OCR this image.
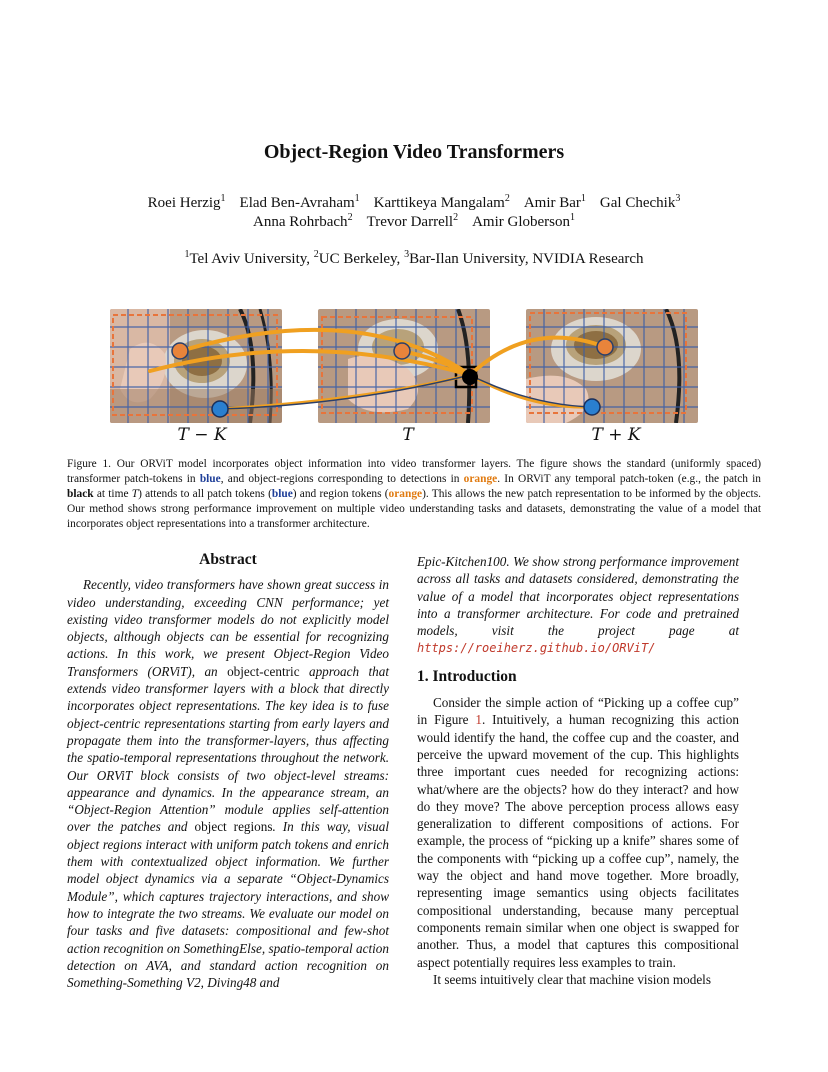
Object-Region Video Transformers
Roei Herzig$^1$ Elad Ben-Avraham$^1$ Karttikeya Mangalam$^2$ Amir Bar$^1$ Gal Chechik$^3$
Anna Rohrbach$^2$ Trevor Darrell$^2$ Amir Globerson$^1$
$^1$Tel Aviv University, $^2$UC Berkeley, $^3$Bar-Ilan University, NVIDIA Research
T − K	T	T + K
Figure 1. Our ORViT model incorporates object information into video transformer layers. The figure shows the standard (uniformly spaced) transformer patch-tokens in blue, and object-regions corresponding to detections in orange. In ORViT any temporal patch-token (e.g., the patch in black at time T) attends to all patch tokens (blue) and region tokens (orange). This allows the new patch representation to be informed by the objects. Our method shows strong performance improvement on multiple video understanding tasks and datasets, demonstrating the value of a model that incorporates object representations into a transformer architecture.
Abstract

Recently, video transformers have shown great success in video understanding, exceeding CNN performance; yet existing video transformer models do not explicitly model objects, although objects can be essential for recognizing actions. In this work, we present Object-Region Video Transformers (ORViT), an object-centric approach that extends video transformer layers with a block that directly incorporates object representations. The key idea is to fuse object-centric representations starting from early layers and propagate them into the transformer-layers, thus affecting the spatio-temporal representations throughout the network. Our ORViT block consists of two object-level streams: appearance and dynamics. In the appearance stream, an “Object-Region Attention” module applies self-attention over the patches and object regions. In this way, visual object regions interact with uniform patch tokens and enrich them with contextualized object information. We further model object dynamics via a separate “Object-Dynamics Module”, which captures trajectory interactions, and show how to integrate the two streams. We evaluate our model on four tasks and five datasets: compositional and few-shot action recognition on SomethingElse, spatio-temporal action detection on AVA, and standard action recognition on Something-Something V2, Diving48 and

Epic-Kitchen100. We show strong performance improvement across all tasks and datasets considered, demonstrating the value of a model that incorporates object representations into a transformer architecture. For code and pretrained models, visit the project page at https://roeiherz.github.io/ORViT/

1. Introduction

Consider the simple action of “Picking up a coffee cup” in Figure 1. Intuitively, a human recognizing this action would identify the hand, the coffee cup and the coaster, and perceive the upward movement of the cup. This highlights three important cues needed for recognizing actions: what/where are the objects? how do they interact? and how do they move? The above perception process allows easy generalization to different compositions of actions. For example, the process of “picking up a knife” shares some of the components with “picking up a coffee cup”, namely, the way the object and hand move together. More broadly, representing image semantics using objects facilitates compositional understanding, because many perceptual components remain similar when one object is swapped for another. Thus, a model that captures this compositional aspect potentially requires less examples to train.

It seems intuitively clear that machine vision models
